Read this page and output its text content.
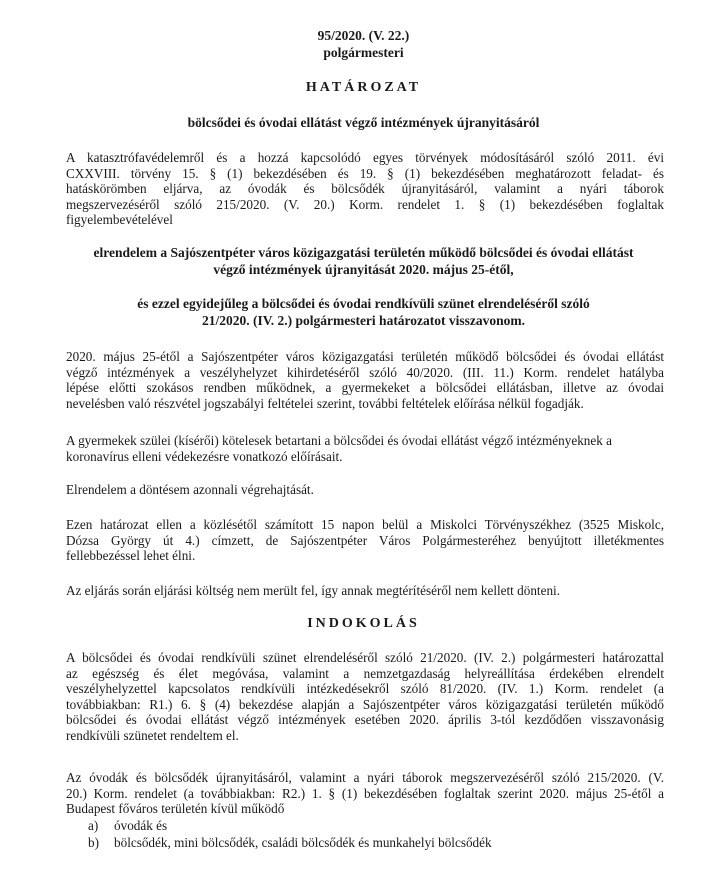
95/2020. (V. 22.)
polgármesteri
HATÁROZAT
bölcsődei és óvodai ellátást végző intézmények újranyitásáról
A katasztrófavédelemről és a hozzá kapcsolódó egyes törvények módosításáról szóló 2011. évi
CXXVIII. törvény 15. § (1) bekezdésében és 19. § (1) bekezdésében meghatározott feladat- és
hatáskörömben eljárva, az óvodák és bölcsődék újranyitásáról, valamint a nyári táborok
megszervezéséről szóló 215/2020. (V. 20.) Korm. rendelet 1. § (1) bekezdésében foglaltak
figyelembevételével
elrendelem a Sajószentpéter város közigazgatási területén működő bölcsődei és óvodai ellátást
végző intézmények újranyitását 2020. május 25-étől,
és ezzel egyidejűleg a bölcsődei és óvodai rendkívüli szünet elrendeléséről szóló
21/2020. (IV. 2.) polgármesteri határozatot visszavonom.
2020. május 25-étől a Sajószentpéter város közigazgatási területén működő bölcsődei és óvodai ellátást
végző intézmények a veszélyhelyzet kihirdetéséről szóló 40/2020. (III. 11.) Korm. rendelet hatályba
lépése előtti szokásos rendben működnek, a gyermekeket a bölcsődei ellátásban, illetve az óvodai
nevelésben való részvétel jogszabályi feltételei szerint, további feltételek előírása nélkül fogadják.
A gyermekek szülei (kísérői) kötelesek betartani a bölcsődei és óvodai ellátást végző intézményeknek a
koronavírus elleni védekezésre vonatkozó előírásait.
Elrendelem a döntésem azonnali végrehajtását.
Ezen határozat ellen a közlésétől számított 15 napon belül a Miskolci Törvényszékhez (3525 Miskolc,
Dózsa György út 4.) címzett, de Sajószentpéter Város Polgármesteréhez benyújtott illetékmentes
fellebbezéssel lehet élni.
Az eljárás során eljárási költség nem merült fel, így annak megtérítéséről nem kellett dönteni.
INDOKOLÁS
A bölcsődei és óvodai rendkívüli szünet elrendeléséről szóló 21/2020. (IV. 2.) polgármesteri határozattal
az egészség és élet megóvása, valamint a nemzetgazdaság helyreállítása érdekében elrendelt
veszélyhelyzettel kapcsolatos rendkívüli intézkedésekről szóló 81/2020. (IV. 1.) Korm. rendelet (a
továbbiakban: R1.) 6. § (4) bekezdése alapján a Sajószentpéter város közigazgatási területén működő
bölcsődei és óvodai ellátást végző intézmények esetében 2020. április 3-tól kezdődően visszavonásig
rendkívüli szünetet rendeltem el.
Az óvodák és bölcsődék újranyitásáról, valamint a nyári táborok megszervezéséről szóló 215/2020. (V.
20.) Korm. rendelet (a továbbiakban: R2.) 1. § (1) bekezdésében foglaltak szerint 2020. május 25-étől a
Budapest főváros területén kívül működő
a) óvodák és
b) bölcsődék, mini bölcsődék, családi bölcsődék és munkahelyi bölcsődék
